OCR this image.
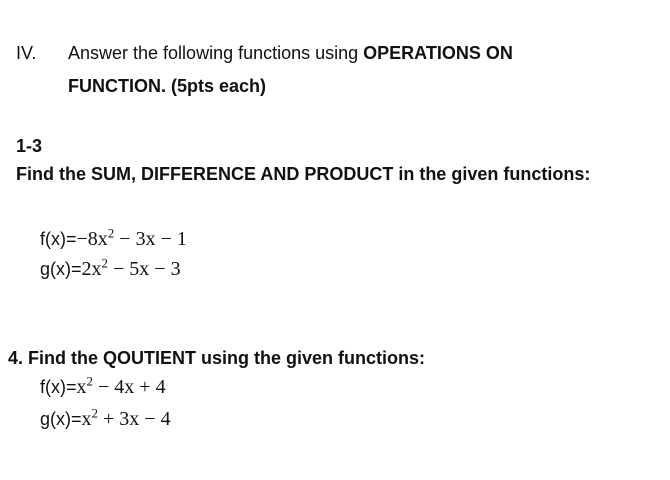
IV. Answer the following functions using OPERATIONS ON
FUNCTION. (5pts each)
1-3
Find the SUM, DIFFERENCE AND PRODUCT in the given functions:
$f(x)=-8x^2 - 3x - 1$
$g(x)=2x^2 - 5x - 3$
4. Find the QOUTIENT using the given functions:
$f(x)=x^2 - 4x + 4$
$g(x)=x^2 + 3x - 4$
